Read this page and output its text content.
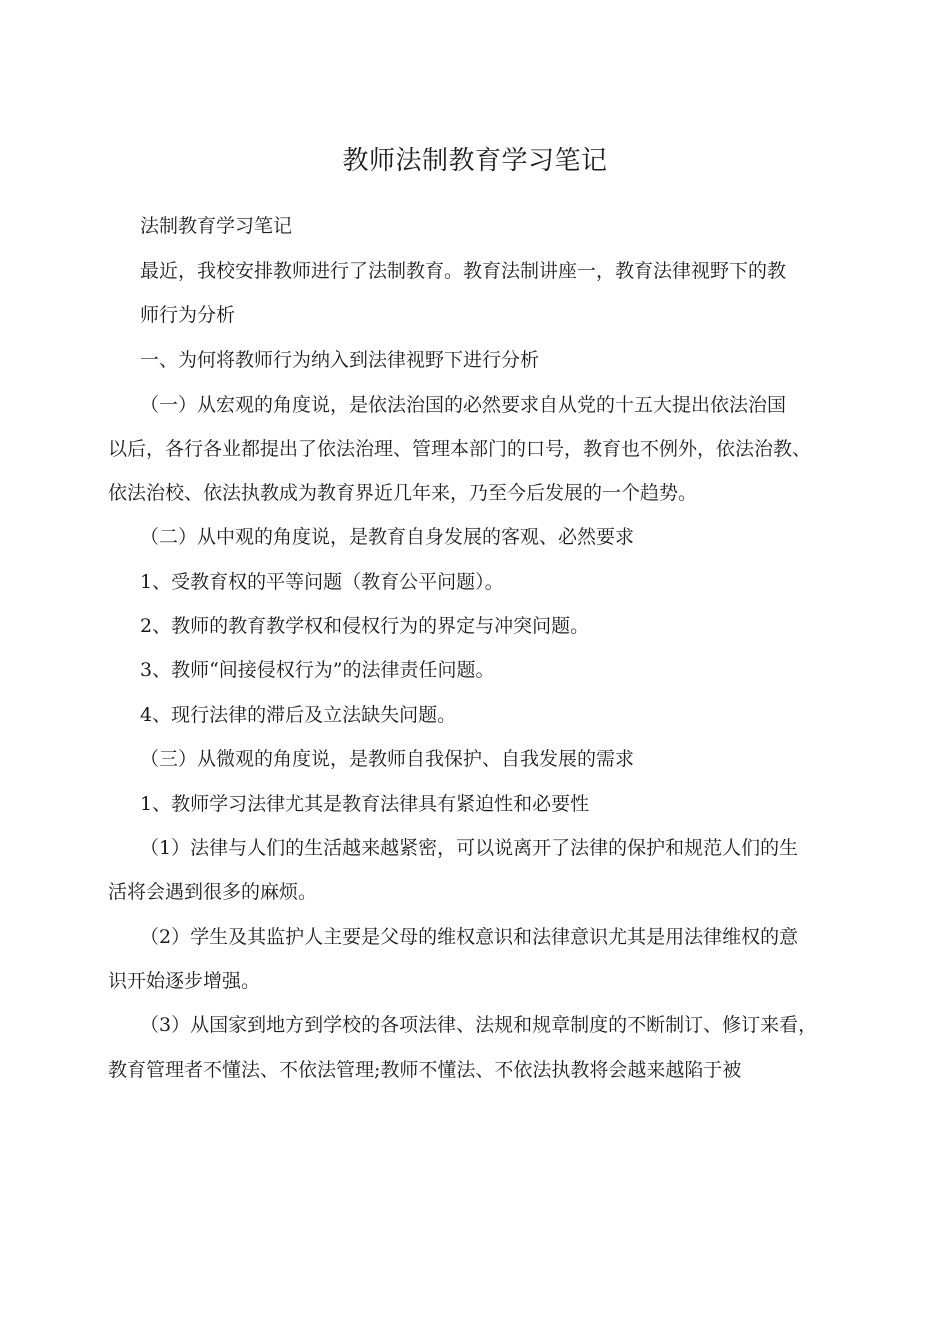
教师法制教育学习笔记
法制教育学习笔记
最近，我校安排教师进行了法制教育。教育法制讲座一，教育法律视野下的教
师行为分析
一、为何将教师行为纳入到法律视野下进行分析
（一）从宏观的角度说，是依法治国的必然要求自从党的十五大提出依法治国
以后，各行各业都提出了依法治理、管理本部门的口号，教育也不例外，依法治教、
依法治校、依法执教成为教育界近几年来，乃至今后发展的一个趋势。
（二）从中观的角度说，是教育自身发展的客观、必然要求
1、受教育权的平等问题（教育公平问题）。
2、教师的教育教学权和侵权行为的界定与冲突问题。
3、教师“间接侵权行为”的法律责任问题。
4、现行法律的滞后及立法缺失问题。
（三）从微观的角度说，是教师自我保护、自我发展的需求
1、教师学习法律尤其是教育法律具有紧迫性和必要性
（1）法律与人们的生活越来越紧密，可以说离开了法律的保护和规范人们的生
活将会遇到很多的麻烦。
（2）学生及其监护人主要是父母的维权意识和法律意识尤其是用法律维权的意
识开始逐步增强。
（3）从国家到地方到学校的各项法律、法规和规章制度的不断制订、修订来看，
教育管理者不懂法、不依法管理;教师不懂法、不依法执教将会越来越陷于被
